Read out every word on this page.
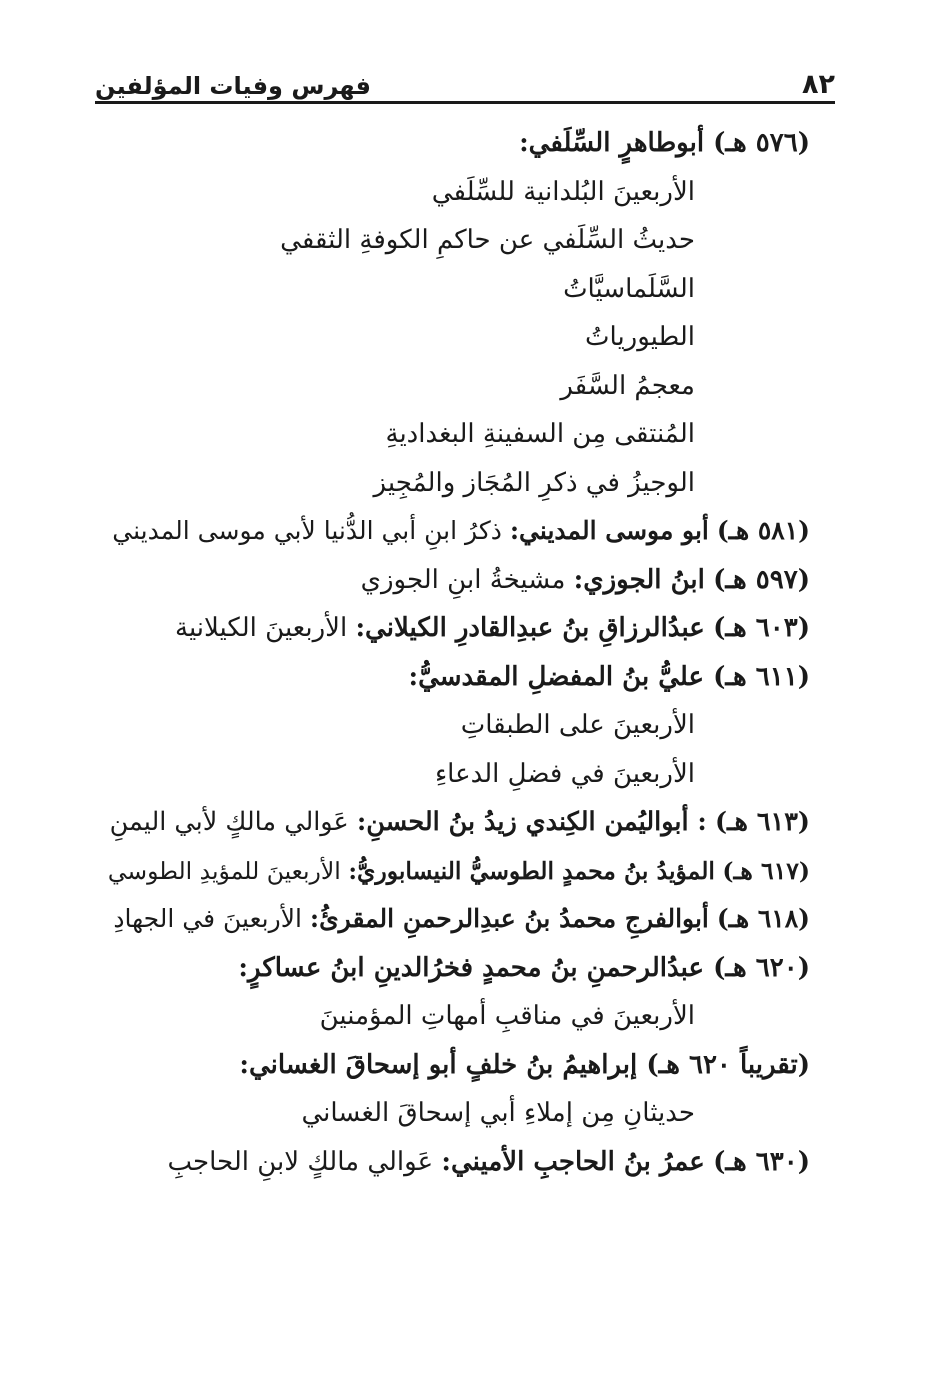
٨٢
فهرس وفيات المؤلفين
(٥٧٦ هـ) أبوطاهرٍ السِّلَفي:
الأربعينَ البُلدانية للسِّلَفي
حديثُ السِّلَفي عن حاكمِ الكوفةِ الثقفي
السَّلَماسيَّاتُ
الطيورياتُ
معجمُ السَّفَر
المُنتقى مِن السفينةِ البغداديةِ
الوجيزُ في ذكرِ المُجَاز والمُجِيز
(٥٨١ هـ) أبو موسى المديني: ذكرُ ابنِ أبي الدُّنيا لأبي موسى المديني
(٥٩٧ هـ) ابنُ الجوزي: مشيخةُ ابنِ الجوزي
(٦٠٣ هـ) عبدُالرزاقِ بنُ عبدِالقادرِ الكيلاني: الأربعينَ الكيلانية
(٦١١ هـ) عليُّ بنُ المفضلِ المقدسيُّ:
الأربعينَ على الطبقاتِ
الأربعينَ في فضلِ الدعاءِ
(٦١٣ هـ) : أبواليُمن الكِندي زيدُ بنُ الحسنِ: عَوالي مالكٍ لأبي اليمنِ
(٦١٧ هـ) المؤيدُ بنُ محمدٍ الطوسيُّ النيسابوريُّ: الأربعينَ للمؤيدِ الطوسي
(٦١٨ هـ) أبوالفرجِ محمدُ بنُ عبدِالرحمنِ المقرئُ: الأربعينَ في الجهادِ
(٦٢٠ هـ) عبدُالرحمنِ بنُ محمدٍ فخرُالدينِ ابنُ عساكرٍ:
الأربعينَ في مناقبِ أمهاتِ المؤمنينَ
(تقريباً ٦٢٠ هـ) إبراهيمُ بنُ خلفٍ أبو إسحاقَ الغساني:
حديثانِ مِن إملاءِ أبي إسحاقَ الغساني
(٦٣٠ هـ) عمرُ بنُ الحاجبِ الأميني: عَوالي مالكٍ لابنِ الحاجبِ
